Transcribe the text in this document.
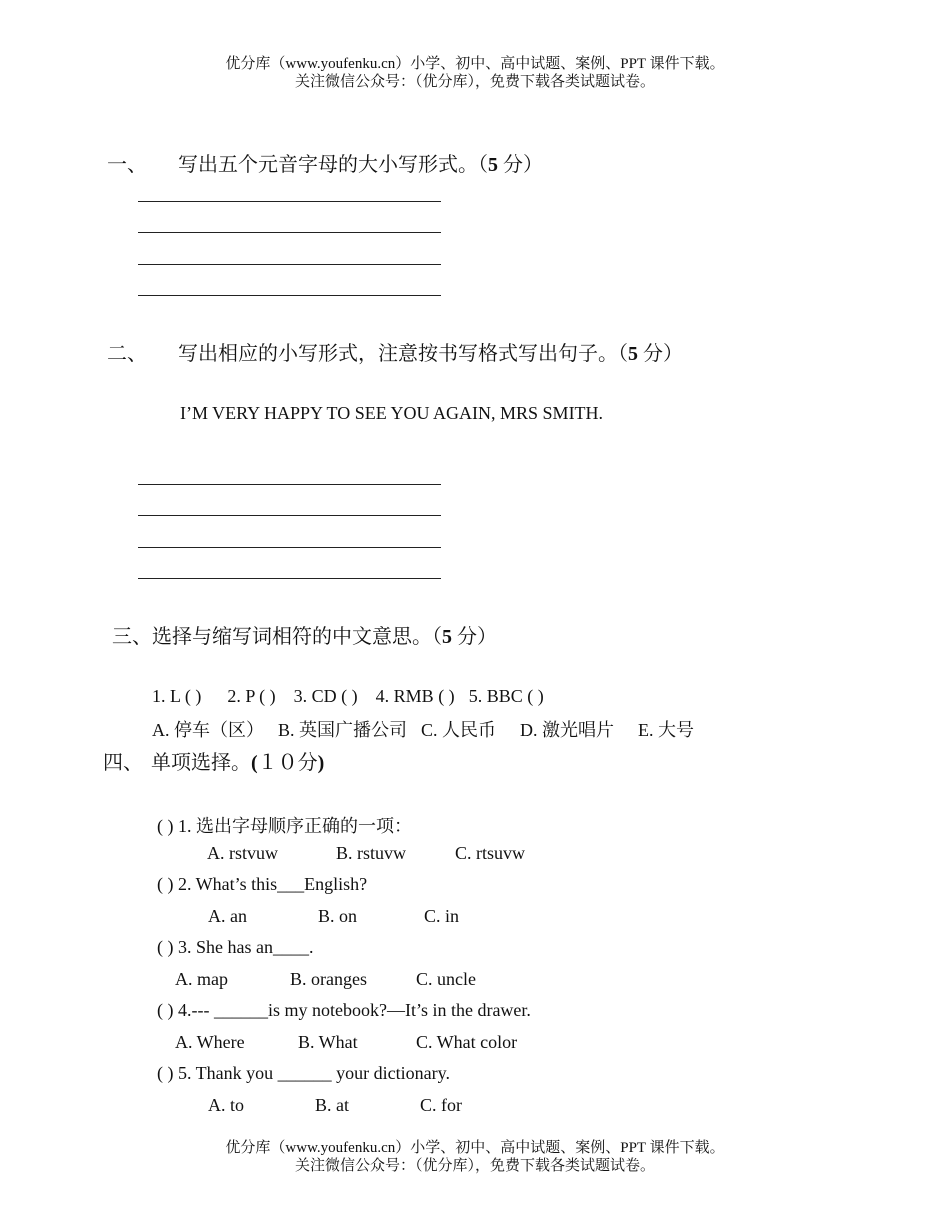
优分库（www.youfenku.cn）小学、初中、高中试题、案例、PPT 课件下载。
关注微信公众号：（优分库），免费下载各类试题试卷。
一、 写出五个元音字母的大小写形式。（5 分）
二、 写出相应的小写形式，注意按书写格式写出句子。（5 分）
I’M VERY HAPPY TO SEE YOU AGAIN, MRS SMITH.
三、选择与缩写词相符的中文意思。（5 分）
1. L ( ) 2. P ( ) 3. CD ( ) 4. RMB ( ) 5. BBC ( )
A. 停车（区） B. 英国广播公司 C. 人民币 D. 激光唱片 E. 大号
四、 单项选择。(１０分)
( ) 1. 选出字母顺序正确的一项：
A. rstvuw	B. rstuvw	C. rtsuvw
( ) 2. What’s this___English?
A. an	B. on	C. in
( ) 3. She has an____.
A. map	B. oranges	C. uncle
( ) 4.--- ______is my notebook?—It’s in the drawer.
A. Where	B. What	C. What color
( ) 5. Thank you ______ your dictionary.
A. to	B. at	C. for
优分库（www.youfenku.cn）小学、初中、高中试题、案例、PPT 课件下载。
关注微信公众号：（优分库），免费下载各类试题试卷。
